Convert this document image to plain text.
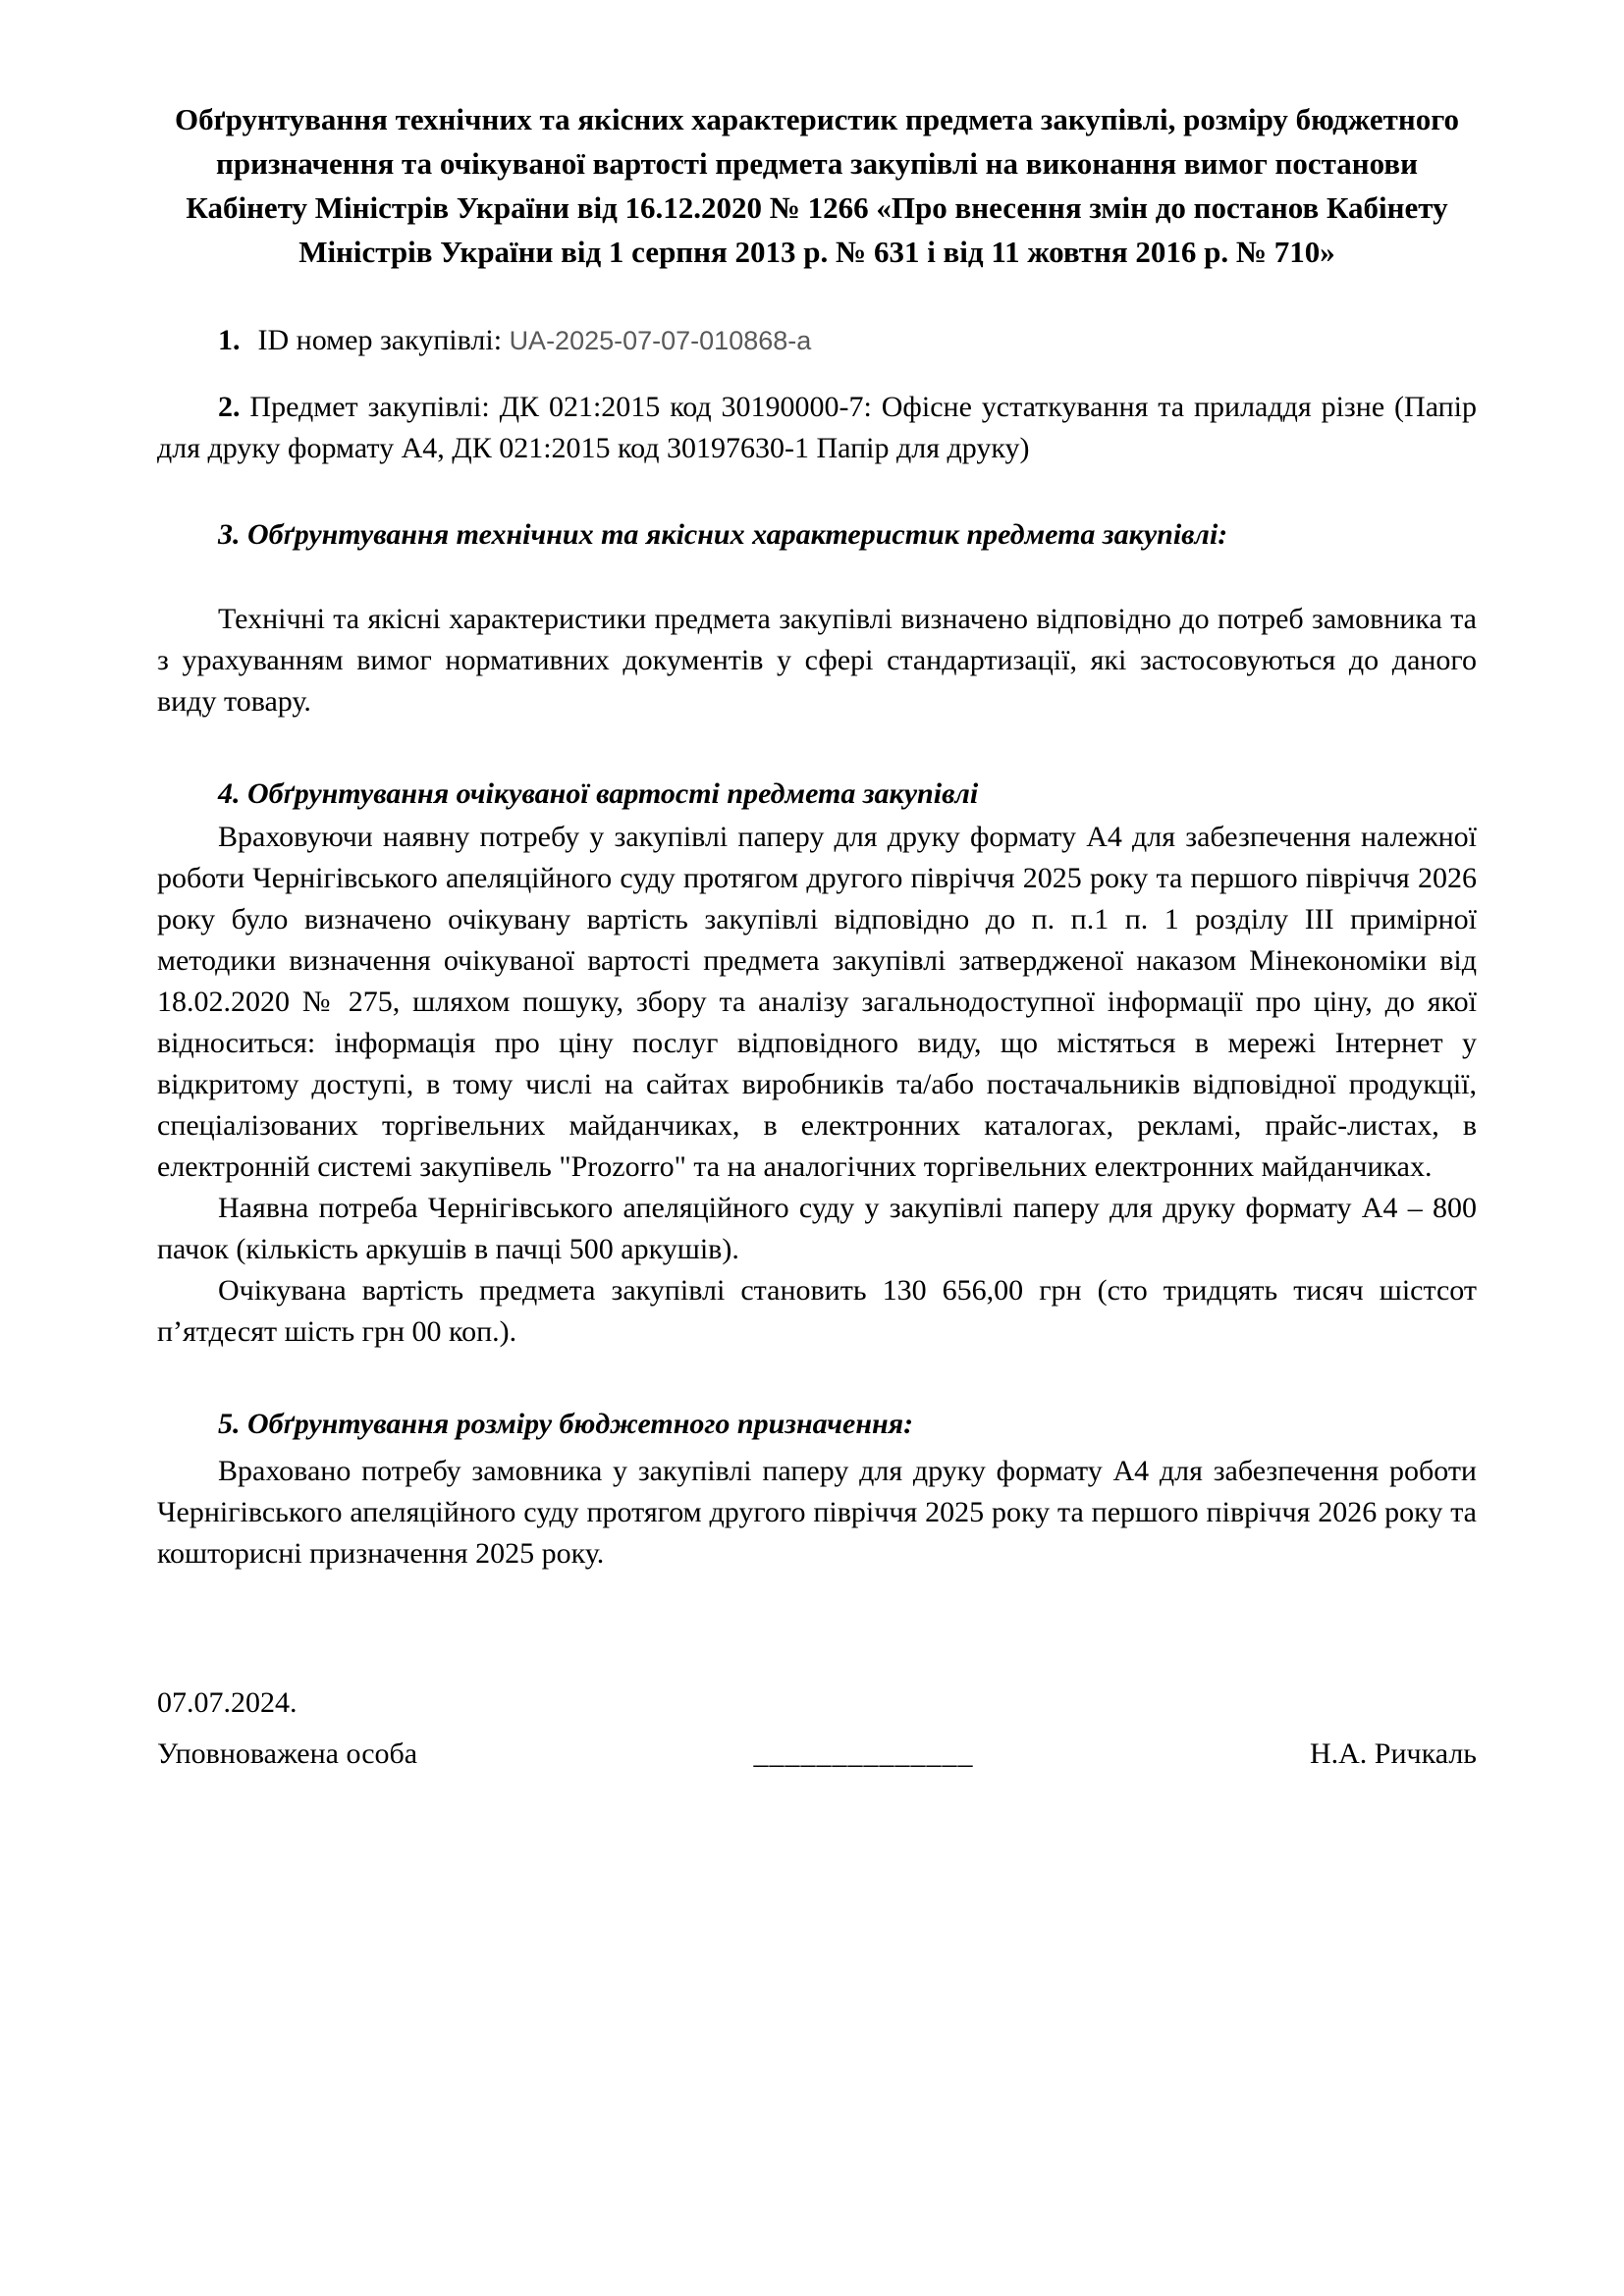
Обґрунтування технічних та якісних характеристик предмета закупівлі, розміру бюджетного призначення та очікуваної вартості предмета закупівлі на виконання вимог постанови Кабінету Міністрів України від 16.12.2020 № 1266 «Про внесення змін до постанов Кабінету Міністрів України від 1 серпня 2013 р. № 631 і від 11 жовтня 2016 р. № 710»

1. ID номер закупівлі: UA-2025-07-07-010868-a

2. Предмет закупівлі: ДК 021:2015 код 30190000-7: Офісне устаткування та приладдя різне (Папір для друку формату А4, ДК 021:2015 код 30197630-1 Папір для друку)

3. Обґрунтування технічних та якісних характеристик предмета закупівлі:

Технічні та якісні характеристики предмета закупівлі визначено відповідно до потреб замовника та з урахуванням вимог нормативних документів у сфері стандартизації, які застосовуються до даного виду товару.

4. Обґрунтування очікуваної вартості предмета закупівлі

Враховуючи наявну потребу у закупівлі паперу для друку формату А4 для забезпечення належної роботи Чернігівського апеляційного суду протягом другого півріччя 2025 року та першого півріччя 2026 року було визначено очікувану вартість закупівлі відповідно до п. п.1 п. 1 розділу ІІІ примірної методики визначення очікуваної вартості предмета закупівлі затвердженої наказом Мінекономіки від 18.02.2020 № 275, шляхом пошуку, збору та аналізу загальнодоступної інформації про ціну, до якої відноситься: інформація про ціну послуг відповідного виду, що містяться в мережі Інтернет у відкритому доступі, в тому числі на сайтах виробників та/або постачальників відповідної продукції, спеціалізованих торгівельних майданчиках, в електронних каталогах, рекламі, прайс-листах, в електронній системі закупівель "Prozorro" та на аналогічних торгівельних електронних майданчиках.

Наявна потреба Чернігівського апеляційного суду у закупівлі паперу для друку формату А4 – 800 пачок (кількість аркушів в пачці 500 аркушів).

Очікувана вартість предмета закупівлі становить 130 656,00 грн (сто тридцять тисяч шістсот п’ятдесят шість грн 00 коп.).

5. Обґрунтування розміру бюджетного призначення:

Враховано потребу замовника у закупівлі паперу для друку формату А4 для забезпечення роботи Чернігівського апеляційного суду протягом другого півріччя 2025 року та першого півріччя 2026 року та кошторисні призначення 2025 року.

07.07.2024.

Уповноважена особа	______________	Н.А. Ричкаль
